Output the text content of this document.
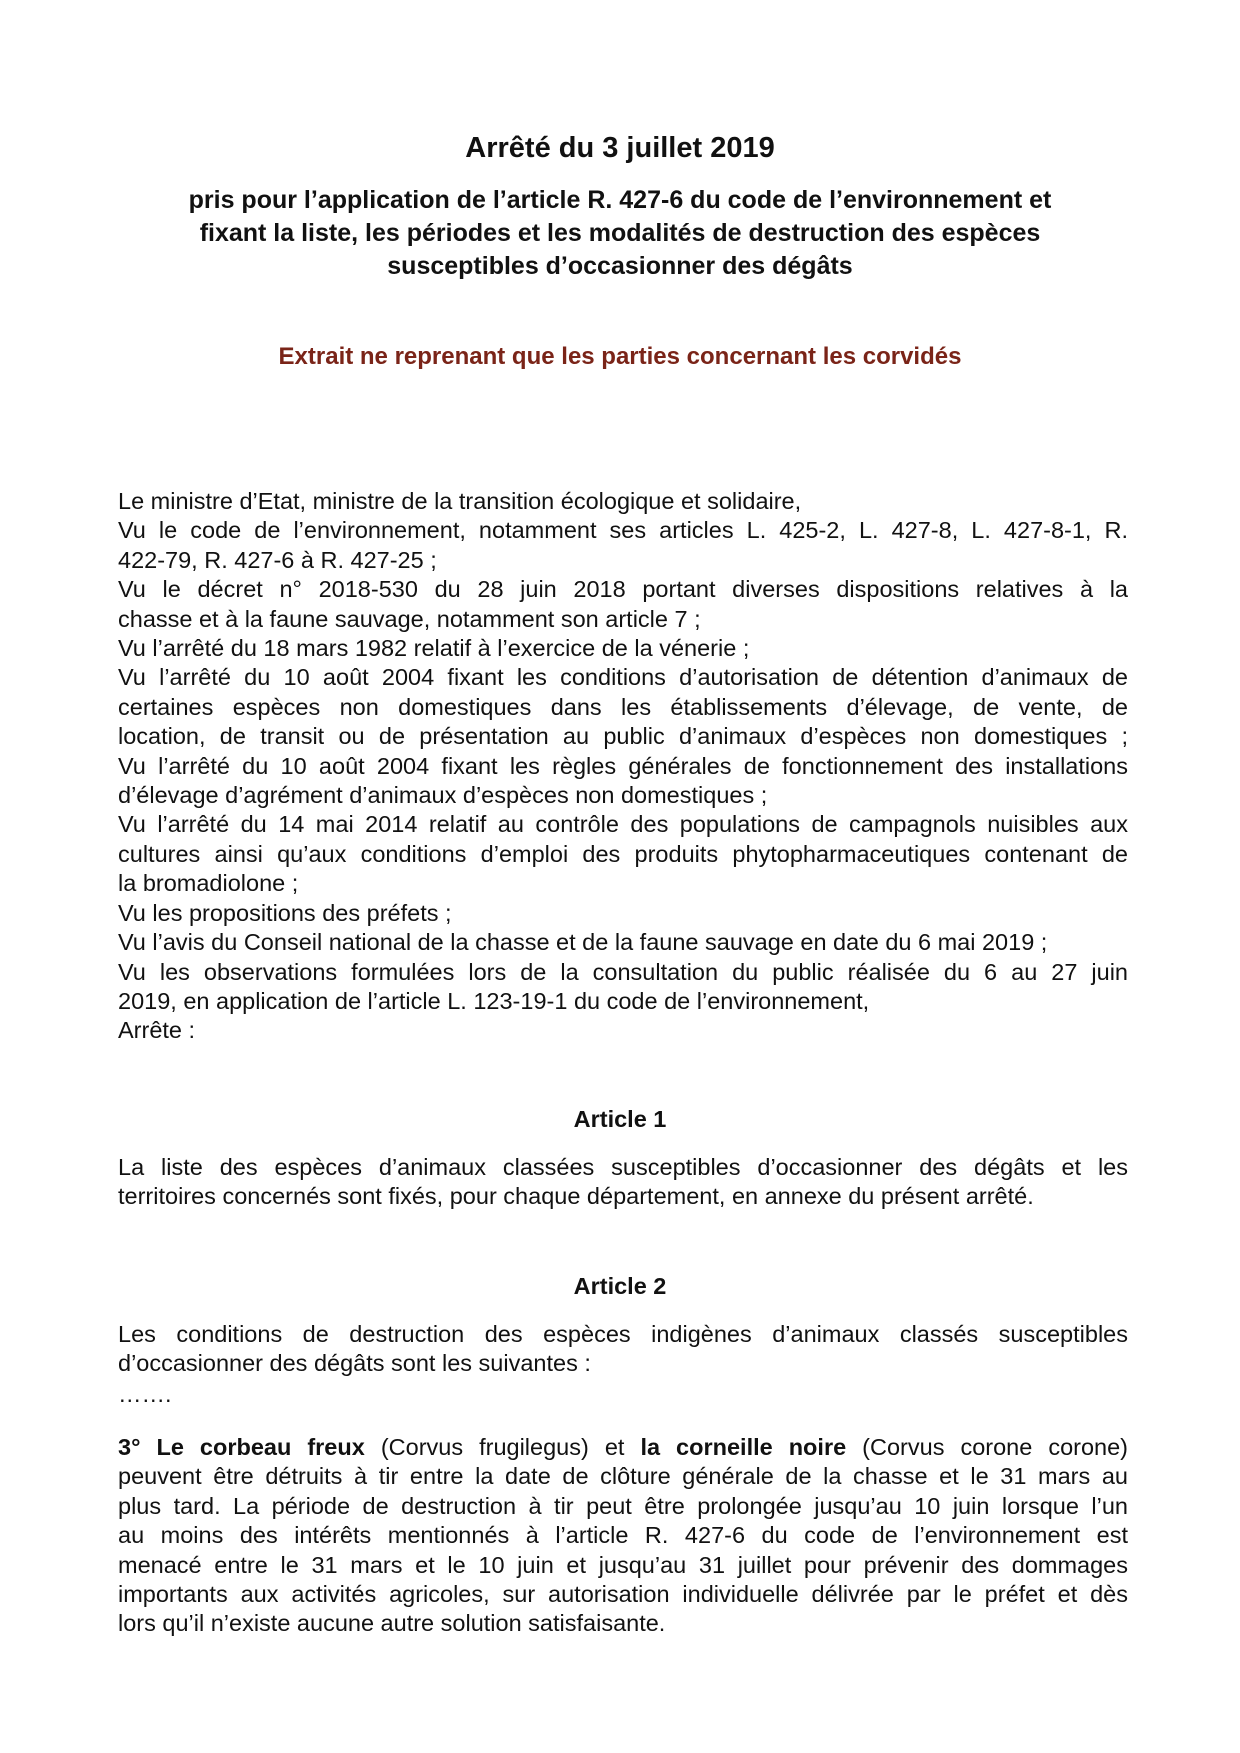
Arrêté du 3 juillet 2019
pris pour l’application de l’article R. 427-6 du code de l’environnement et
fixant la liste, les périodes et les modalités de destruction des espèces
susceptibles d’occasionner des dégâts

Extrait ne reprenant que les parties concernant les corvidés

Le ministre d’Etat, ministre de la transition écologique et solidaire,
Vu le code de l’environnement, notamment ses articles L. 425-2, L. 427-8, L. 427-8-1, R.
422-79, R. 427-6 à R. 427-25 ;
Vu le décret n° 2018-530 du 28 juin 2018 portant diverses dispositions relatives à la
chasse et à la faune sauvage, notamment son article 7 ;
Vu l’arrêté du 18 mars 1982 relatif à l’exercice de la vénerie ;
Vu l’arrêté du 10 août 2004 fixant les conditions d’autorisation de détention d’animaux de
certaines espèces non domestiques dans les établissements d’élevage, de vente, de
location, de transit ou de présentation au public d’animaux d’espèces non domestiques ;
Vu l’arrêté du 10 août 2004 fixant les règles générales de fonctionnement des installations
d’élevage d’agrément d’animaux d’espèces non domestiques ;
Vu l’arrêté du 14 mai 2014 relatif au contrôle des populations de campagnols nuisibles aux
cultures ainsi qu’aux conditions d’emploi des produits phytopharmaceutiques contenant de
la bromadiolone ;
Vu les propositions des préfets ;
Vu l’avis du Conseil national de la chasse et de la faune sauvage en date du 6 mai 2019 ;
Vu les observations formulées lors de la consultation du public réalisée du 6 au 27 juin
2019, en application de l’article L. 123-19-1 du code de l’environnement,
Arrête :
Article 1
La liste des espèces d’animaux classées susceptibles d’occasionner des dégâts et les
territoires concernés sont fixés, pour chaque département, en annexe du présent arrêté.
Article 2
Les conditions de destruction des espèces indigènes d’animaux classés susceptibles
d’occasionner des dégâts sont les suivantes :
…….
3° Le corbeau freux (Corvus frugilegus) et la corneille noire (Corvus corone corone)
peuvent être détruits à tir entre la date de clôture générale de la chasse et le 31 mars au
plus tard. La période de destruction à tir peut être prolongée jusqu’au 10 juin lorsque l’un
au moins des intérêts mentionnés à l’article R. 427-6 du code de l’environnement est
menacé entre le 31 mars et le 10 juin et jusqu’au 31 juillet pour prévenir des dommages
importants aux activités agricoles, sur autorisation individuelle délivrée par le préfet et dès
lors qu’il n’existe aucune autre solution satisfaisante.
